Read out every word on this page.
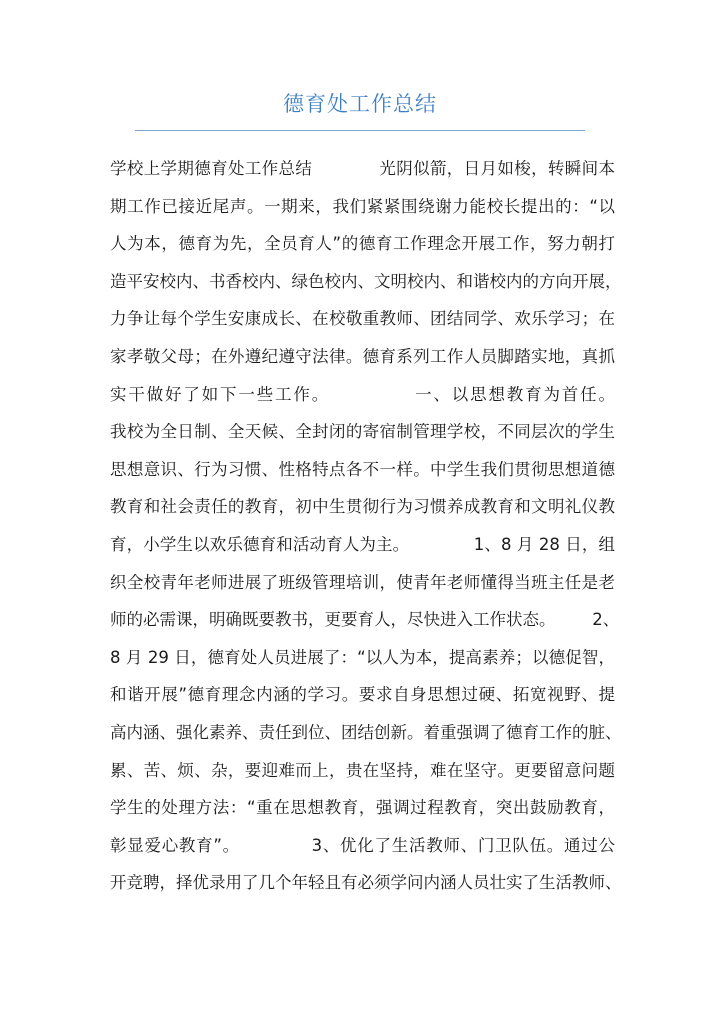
德育处工作总结
学校上学期德育处工作总结            光阴似箭，日月如梭，转瞬间本
期工作已接近尾声。一期来，我们紧紧围绕谢力能校长提出的：“以
人为本，德育为先，全员育人”的德育工作理念开展工作，努力朝打
造平安校内、书香校内、绿色校内、文明校内、和谐校内的方向开展，
力争让每个学生安康成长、在校敬重教师、团结同学、欢乐学习；在
家孝敬父母；在外遵纪遵守法律。德育系列工作人员脚踏实地，真抓
实干做好了如下一些工作。            一、以思想教育为首任。
我校为全日制、全天候、全封闭的寄宿制管理学校，不同层次的学生
思想意识、行为习惯、性格特点各不一样。中学生我们贯彻思想道德
教育和社会责任的教育，初中生贯彻行为习惯养成教育和文明礼仪教
育，小学生以欢乐德育和活动育人为主。            1、8 月 28 日，组
织全校青年老师进展了班级管理培训，使青年老师懂得当班主任是老
师的必需课，明确既要教书，更要育人，尽快进入工作状态。       2、
8 月 29 日，德育处人员进展了：“以人为本，提高素养；以德促智，
和谐开展”德育理念内涵的学习。要求自身思想过硬、拓宽视野、提
高内涵、强化素养、责任到位、团结创新。着重强调了德育工作的脏、
累、苦、烦、杂，要迎难而上，贵在坚持，难在坚守。更要留意问题
学生的处理方法：“重在思想教育，强调过程教育，突出鼓励教育，
彰显爱心教育”。            3、优化了生活教师、门卫队伍。通过公
开竞聘，择优录用了几个年轻且有必须学问内涵人员壮实了生活教师、
